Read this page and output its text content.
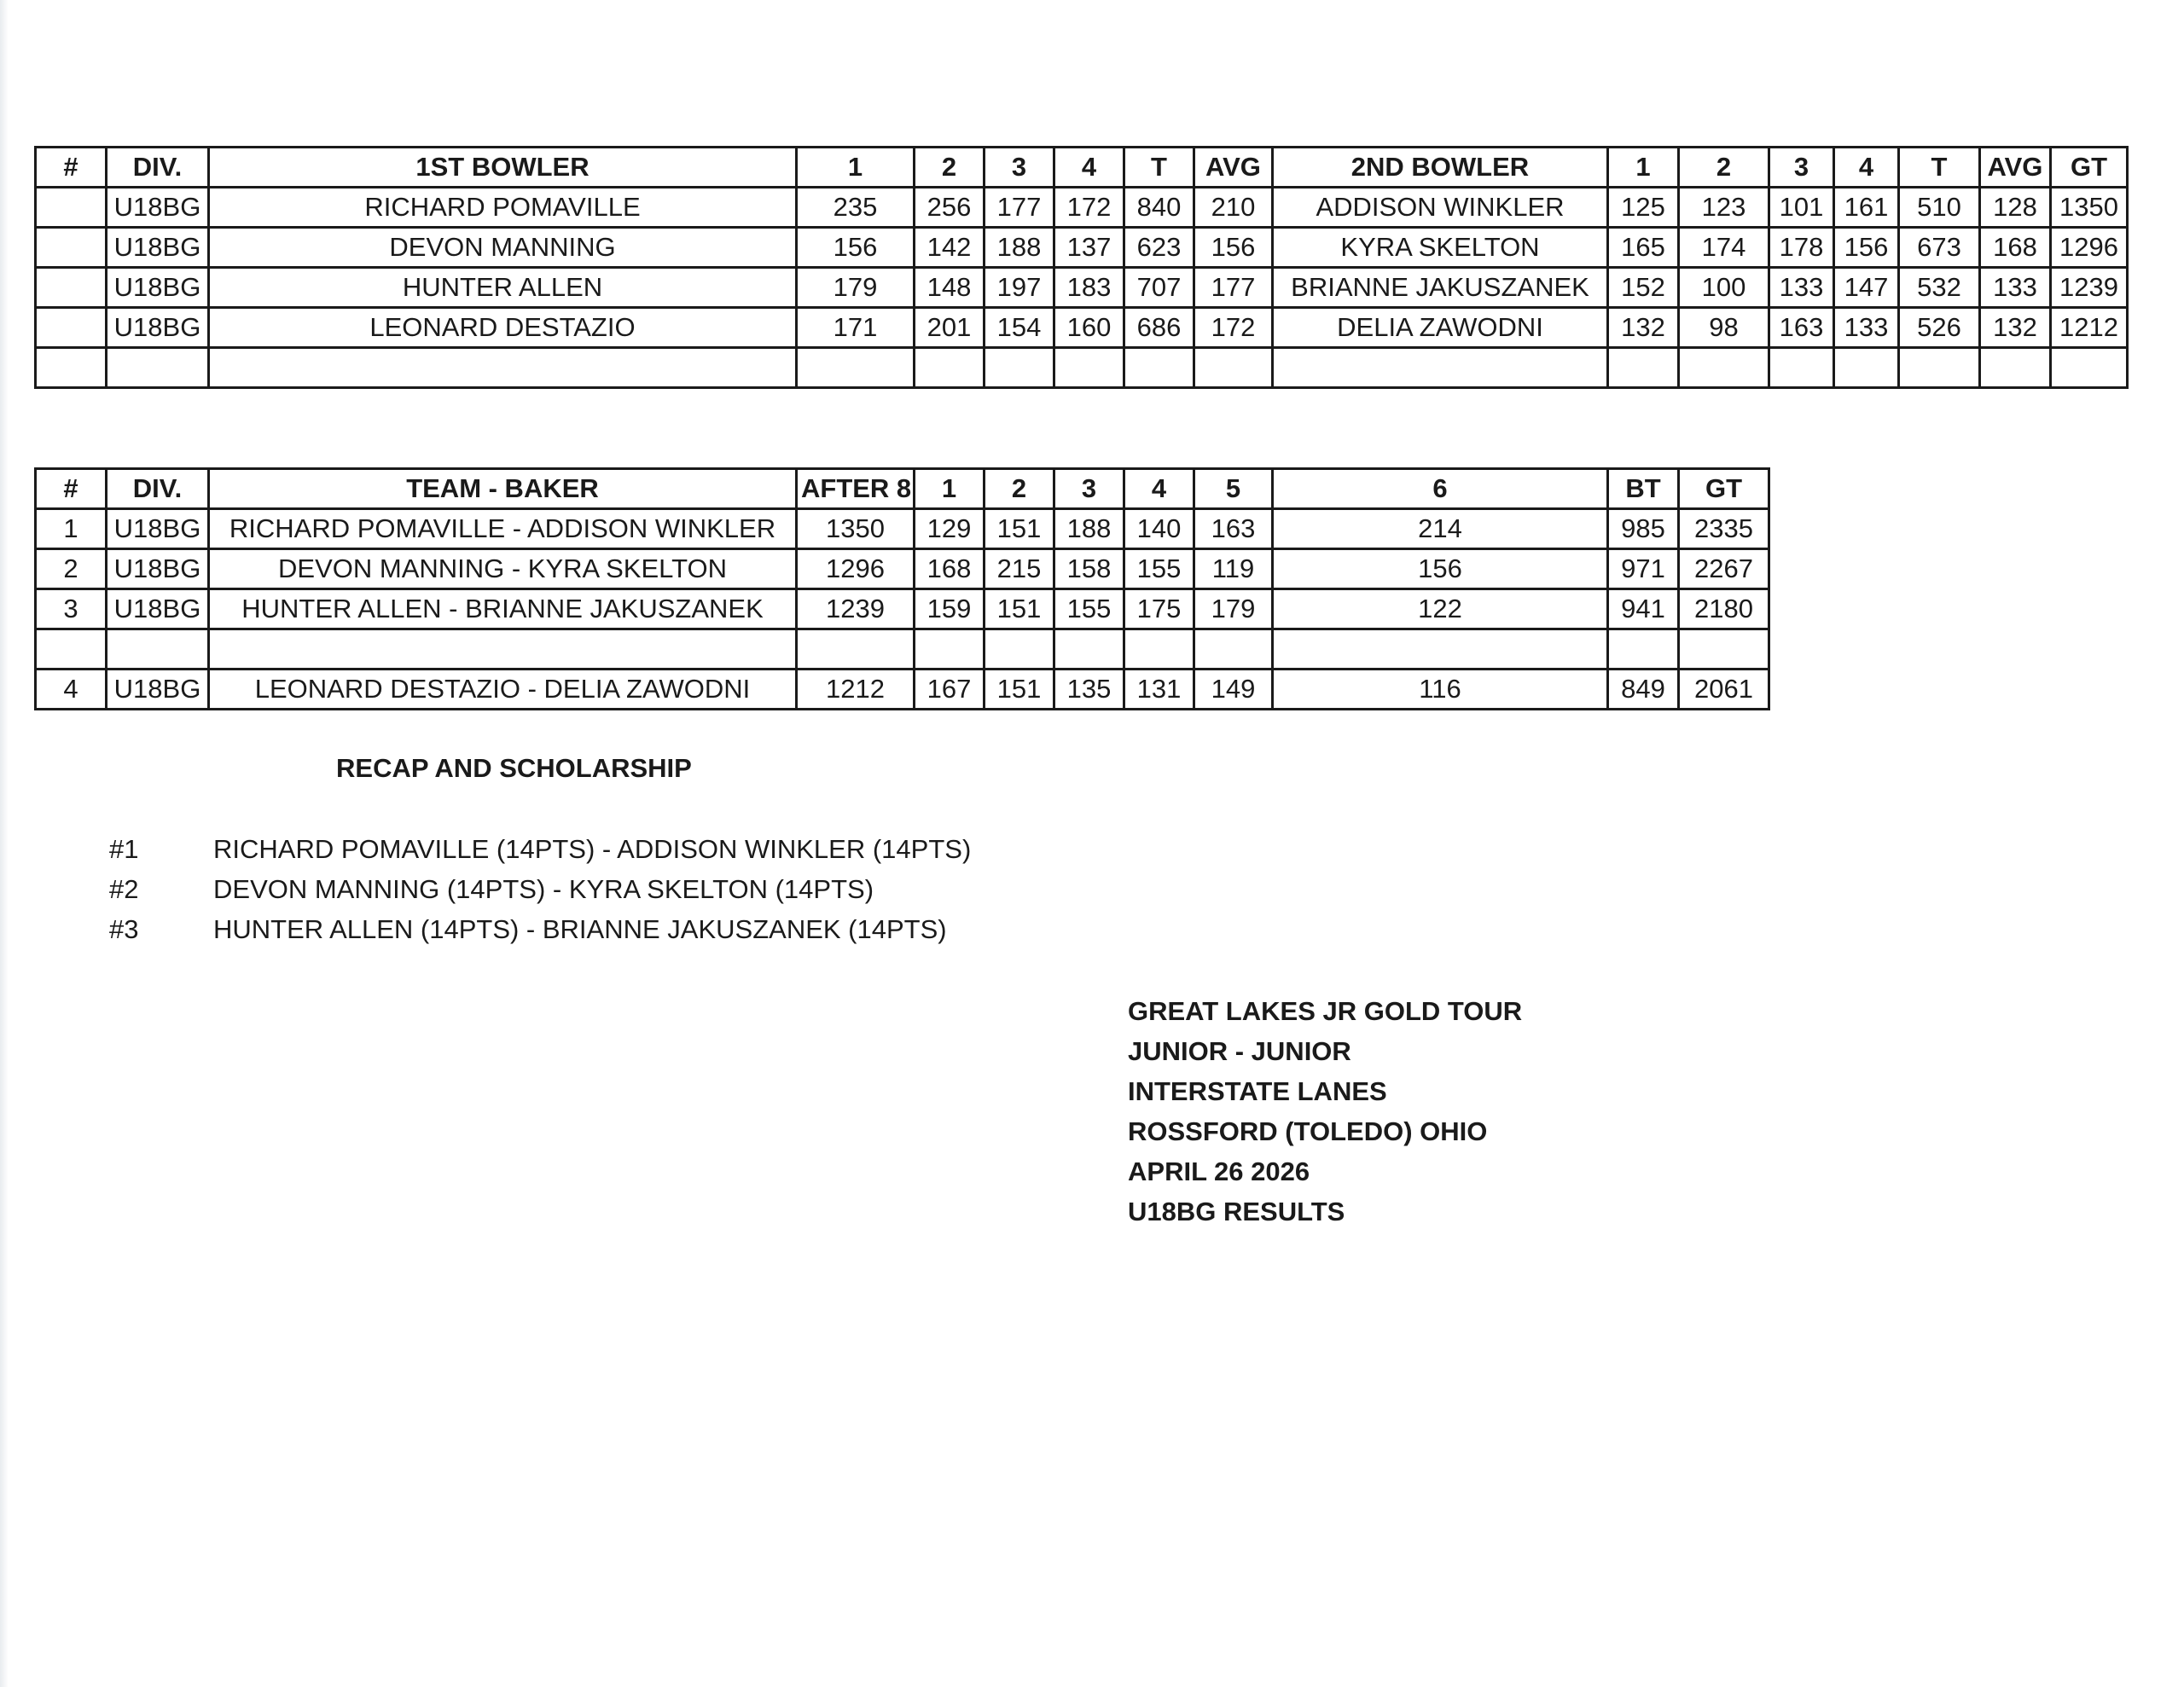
#	DIV.	1ST BOWLER	1	2	3	4	T	AVG	2ND BOWLER	1	2	3	4	T	AVG	GT
	U18BG	RICHARD POMAVILLE	235	256	177	172	840	210	ADDISON WINKLER	125	123	101	161	510	128	1350
	U18BG	DEVON MANNING	156	142	188	137	623	156	KYRA SKELTON	165	174	178	156	673	168	1296
	U18BG	HUNTER ALLEN	179	148	197	183	707	177	BRIANNE JAKUSZANEK	152	100	133	147	532	133	1239
	U18BG	LEONARD DESTAZIO	171	201	154	160	686	172	DELIA ZAWODNI	132	98	163	133	526	132	1212

#	DIV.	TEAM - BAKER	AFTER 8	1	2	3	4	5	6	BT	GT
1	U18BG	RICHARD POMAVILLE - ADDISON WINKLER	1350	129	151	188	140	163	214	985	2335
2	U18BG	DEVON MANNING - KYRA SKELTON	1296	168	215	158	155	119	156	971	2267
3	U18BG	HUNTER ALLEN - BRIANNE JAKUSZANEK	1239	159	151	155	175	179	122	941	2180

4	U18BG	LEONARD DESTAZIO - DELIA ZAWODNI	1212	167	151	135	131	149	116	849	2061
RECAP AND SCHOLARSHIP
#1	RICHARD POMAVILLE (14PTS) - ADDISON WINKLER (14PTS)
#2	DEVON MANNING (14PTS) - KYRA SKELTON (14PTS)
#3	HUNTER ALLEN (14PTS) - BRIANNE JAKUSZANEK (14PTS)
GREAT LAKES JR GOLD TOUR
JUNIOR - JUNIOR
INTERSTATE LANES
ROSSFORD (TOLEDO) OHIO
APRIL 26 2026
U18BG RESULTS
